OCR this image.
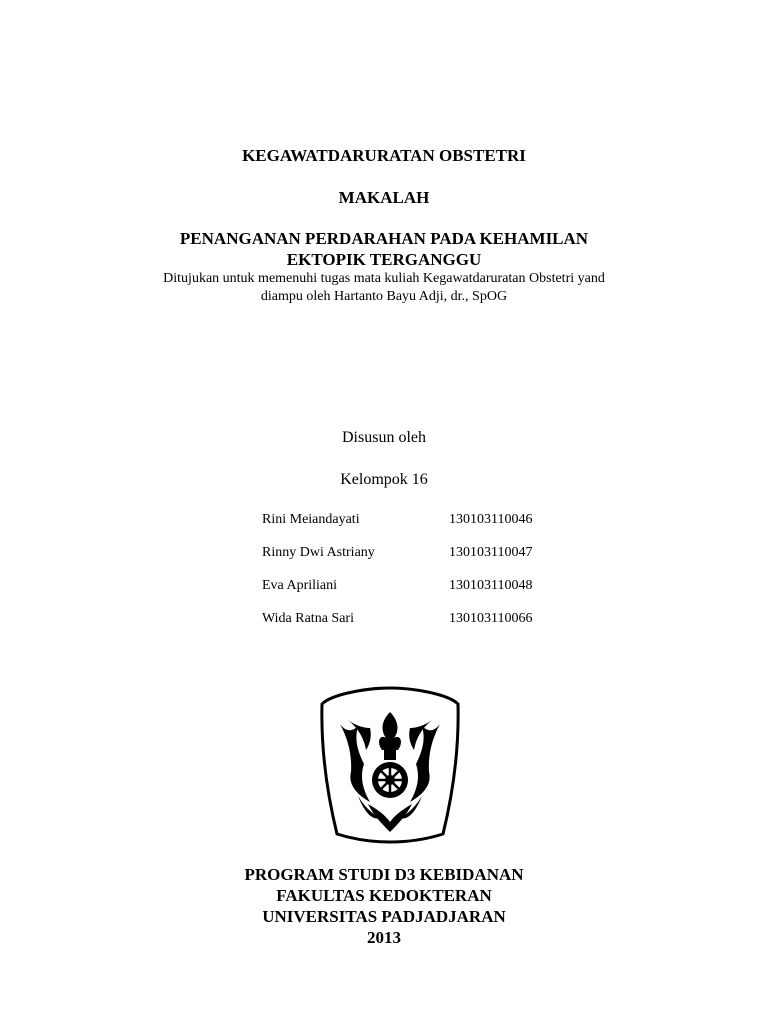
KEGAWATDARURATAN OBSTETRI
MAKALAH
PENANGANAN PERDARAHAN PADA KEHAMILAN
EKTOPIK TERGANGGU
Ditujukan untuk memenuhi tugas mata kuliah Kegawatdaruratan Obstetri yand
diampu oleh Hartanto Bayu Adji, dr., SpOG
Disusun oleh
Kelompok 16
Rini Meiandayati	130103110046
Rinny Dwi Astriany	130103110047
Eva Apriliani	130103110048
Wida Ratna Sari	130103110066
PROGRAM STUDI D3 KEBIDANAN
FAKULTAS KEDOKTERAN
UNIVERSITAS PADJADJARAN
2013
